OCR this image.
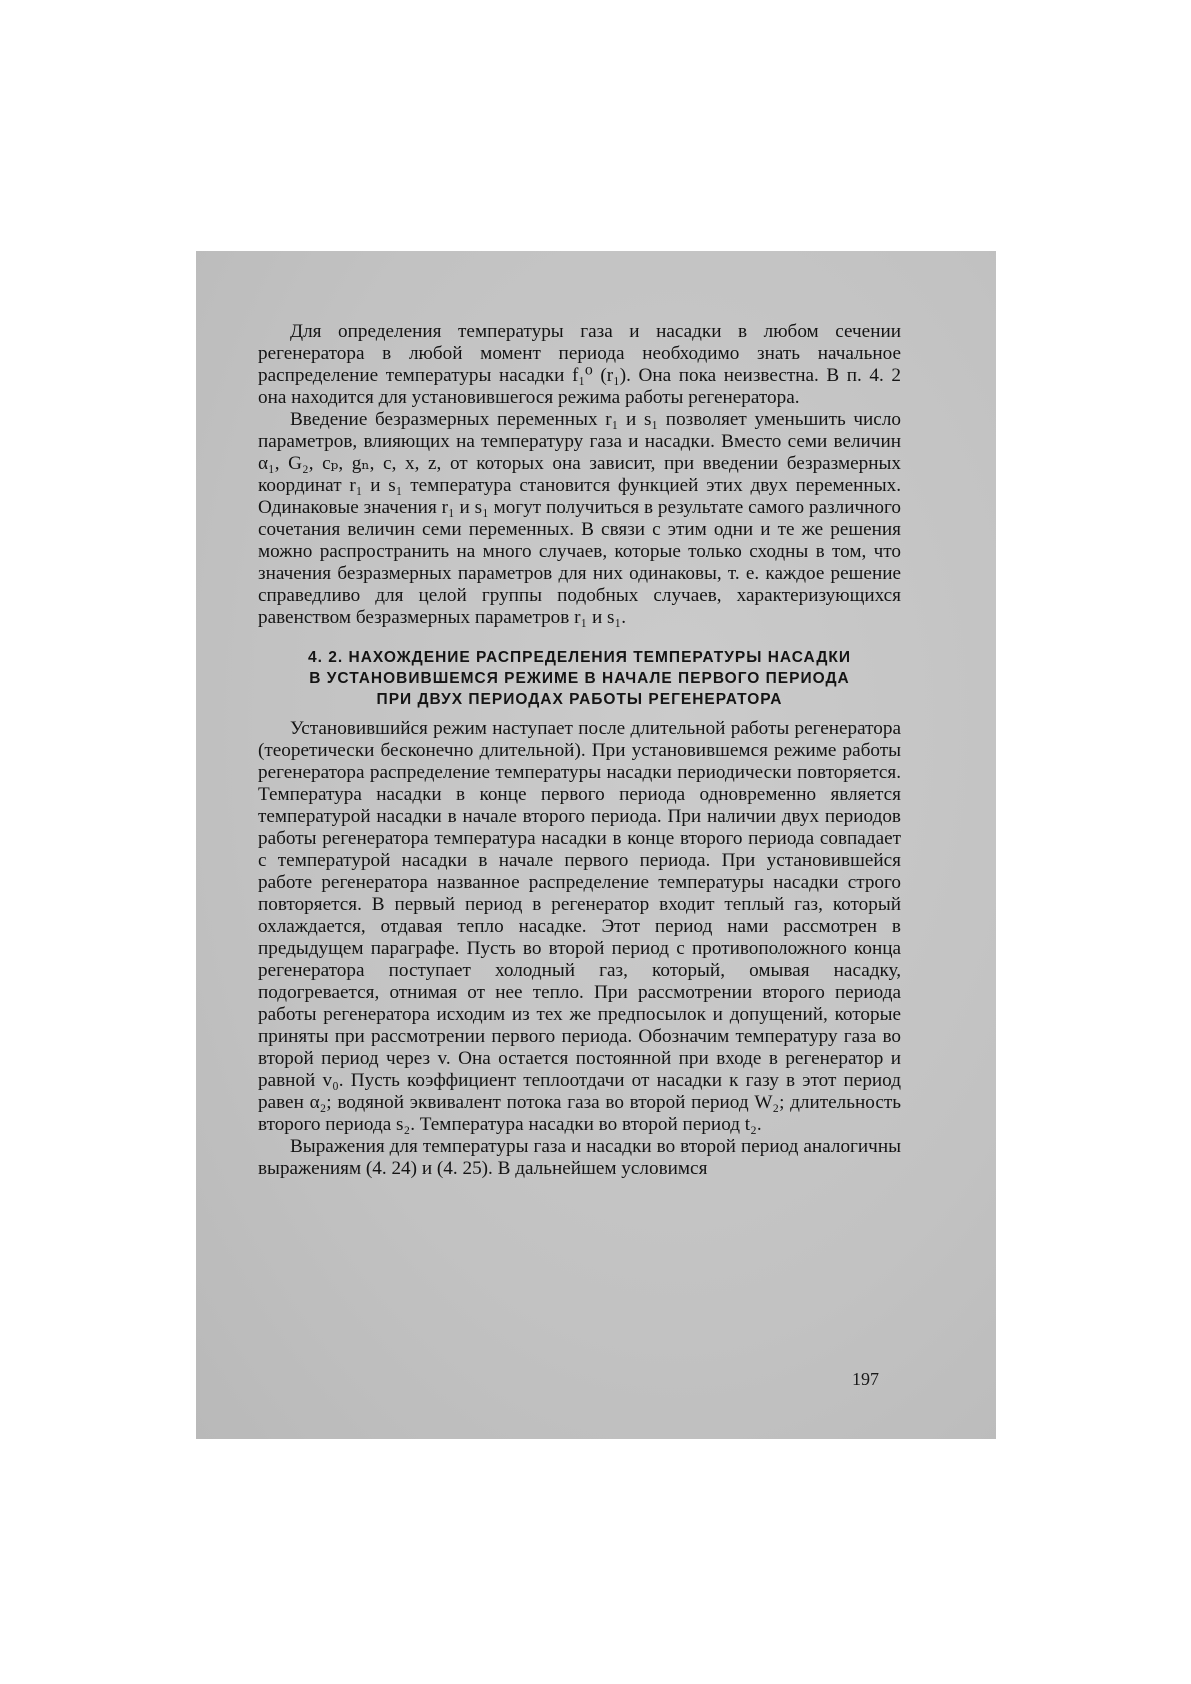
Для определения температуры газа и насадки в любом сечении регенератора в любой момент периода необходимо знать начальное распределение температуры насадки f₁⁰ (r₁). Она пока неизвестна. В п. 4. 2 она находится для установившегося режима работы регенератора.

Введение безразмерных переменных r₁ и s₁ позволяет уменьшить число параметров, влияющих на температуру газа и насадки. Вместо семи величин α₁, G₂, cₚ, gₙ, c, x, z, от которых она зависит, при введении безразмерных координат r₁ и s₁ температура становится функцией этих двух переменных. Одинаковые значения r₁ и s₁ могут получиться в результате самого различного сочетания величин семи переменных. В связи с этим одни и те же решения можно распространить на много случаев, которые только сходны в том, что значения безразмерных параметров для них одинаковы, т. е. каждое решение справедливо для целой группы подобных случаев, характеризующихся равенством безразмерных параметров r₁ и s₁.

4. 2. НАХОЖДЕНИЕ РАСПРЕДЕЛЕНИЯ ТЕМПЕРАТУРЫ НАСАДКИ
В УСТАНОВИВШЕМСЯ РЕЖИМЕ В НАЧАЛЕ ПЕРВОГО ПЕРИОДА
ПРИ ДВУХ ПЕРИОДАХ РАБОТЫ РЕГЕНЕРАТОРА

Установившийся режим наступает после длительной работы регенератора (теоретически бесконечно длительной). При установившемся режиме работы регенератора распределение температуры насадки периодически повторяется. Температура насадки в конце первого периода одновременно является температурой насадки в начале второго периода. При наличии двух периодов работы регенератора температура насадки в конце второго периода совпадает с температурой насадки в начале первого периода. При установившейся работе регенератора названное распределение температуры насадки строго повторяется. В первый период в регенератор входит теплый газ, который охлаждается, отдавая тепло насадке. Этот период нами рассмотрен в предыдущем параграфе. Пусть во второй период с противоположного конца регенератора поступает холодный газ, который, омывая насадку, подогревается, отнимая от нее тепло. При рассмотрении второго периода работы регенератора исходим из тех же предпосылок и допущений, которые приняты при рассмотрении первого периода. Обозначим температуру газа во второй период через v. Она остается постоянной при входе в регенератор и равной v₀. Пусть коэффициент теплоотдачи от насадки к газу в этот период равен α₂; водяной эквивалент потока газа во второй период W₂; длительность второго периода s₂. Температура насадки во второй период t₂.

Выражения для температуры газа и насадки во второй период аналогичны выражениям (4. 24) и (4. 25). В дальнейшем условимся

197
